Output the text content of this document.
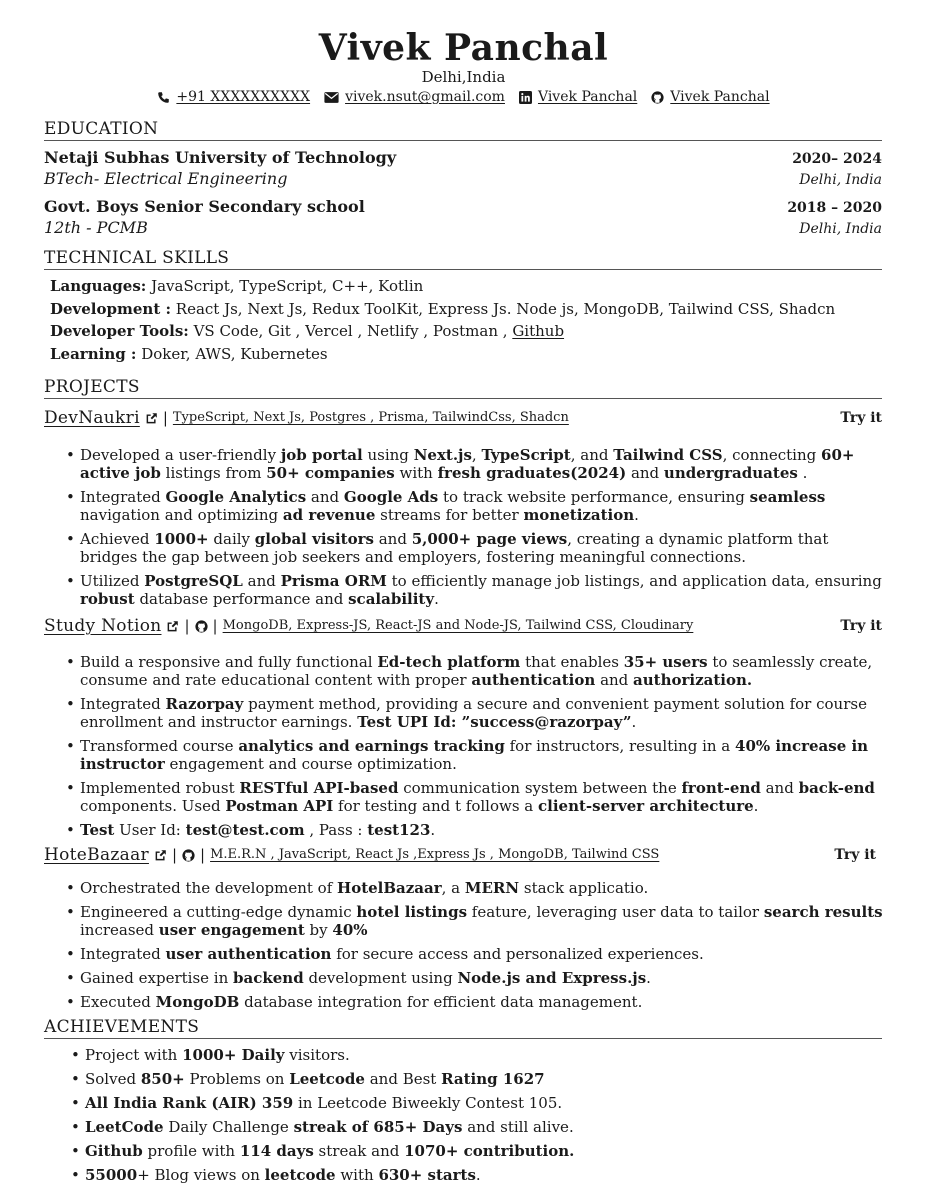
Vivek Panchal
Delhi,India
+91 XXXXXXXXXX	vivek.nsut@gmail.com Vivek Panchal Vivek Panchal
EDUCATION
Netaji Subhas University of Technology	2020– 2024
BTech- Electrical Engineering	Delhi, India
Govt. Boys Senior Secondary school	2018 – 2020
12th - PCMB	Delhi, India
TECHNICAL SKILLS
Languages: JavaScript, TypeScript, C++, Kotlin
Development : React Js, Next Js, Redux ToolKit, Express Js. Node js, MongoDB, Tailwind CSS, Shadcn
Developer Tools: VS Code, Git , Vercel , Netlify , Postman , Github
Learning : Doker, AWS, Kubernetes
PROJECTS
DevNaukri | TypeScript, Next Js, Postgres , Prisma, TailwindCss, Shadcn	Try it
• Developed a user-friendly job portal using Next.js, TypeScript, and Tailwind CSS, connecting 60+ active job listings from 50+ companies with fresh graduates(2024) and undergraduates .
• Integrated Google Analytics and Google Ads to track website performance, ensuring seamless navigation and optimizing ad revenue streams for better monetization.
• Achieved 1000+ daily global visitors and 5,000+ page views, creating a dynamic platform that bridges the gap between job seekers and employers, fostering meaningful connections.
• Utilized PostgreSQL and Prisma ORM to efficiently manage job listings, and application data, ensuring robust database performance and scalability.
Study Notion | | MongoDB, Express-JS, React-JS and Node-JS, Tailwind CSS, Cloudinary	Try it
• Build a responsive and fully functional Ed-tech platform that enables 35+ users to seamlessly create, consume and rate educational content with proper authentication and authorization.
• Integrated Razorpay payment method, providing a secure and convenient payment solution for course enrollment and instructor earnings. Test UPI Id: ”success@razorpay”.
• Transformed course analytics and earnings tracking for instructors, resulting in a 40% increase in instructor engagement and course optimization.
• Implemented robust RESTful API-based communication system between the front-end and back-end components. Used Postman API for testing and t follows a client-server architecture.
• Test User Id: test@test.com , Pass : test123.
HoteBazaar | | M.E.R.N , JavaScript, React Js ,Express Js , MongoDB, Tailwind CSS	Try it
• Orchestrated the development of HotelBazaar, a MERN stack applicatio.
• Engineered a cutting-edge dynamic hotel listings feature, leveraging user data to tailor search results increased user engagement by 40%
• Integrated user authentication for secure access and personalized experiences.
• Gained expertise in backend development using Node.js and Express.js.
• Executed MongoDB database integration for efficient data management.
ACHIEVEMENTS
• Project with 1000+ Daily visitors.
• Solved 850+ Problems on Leetcode and Best Rating 1627
• All India Rank (AIR) 359 in Leetcode Biweekly Contest 105.
• LeetCode Daily Challenge streak of 685+ Days and still alive.
• Github profile with 114 days streak and 1070+ contribution.
• 55000+ Blog views on leetcode with 630+ starts.
